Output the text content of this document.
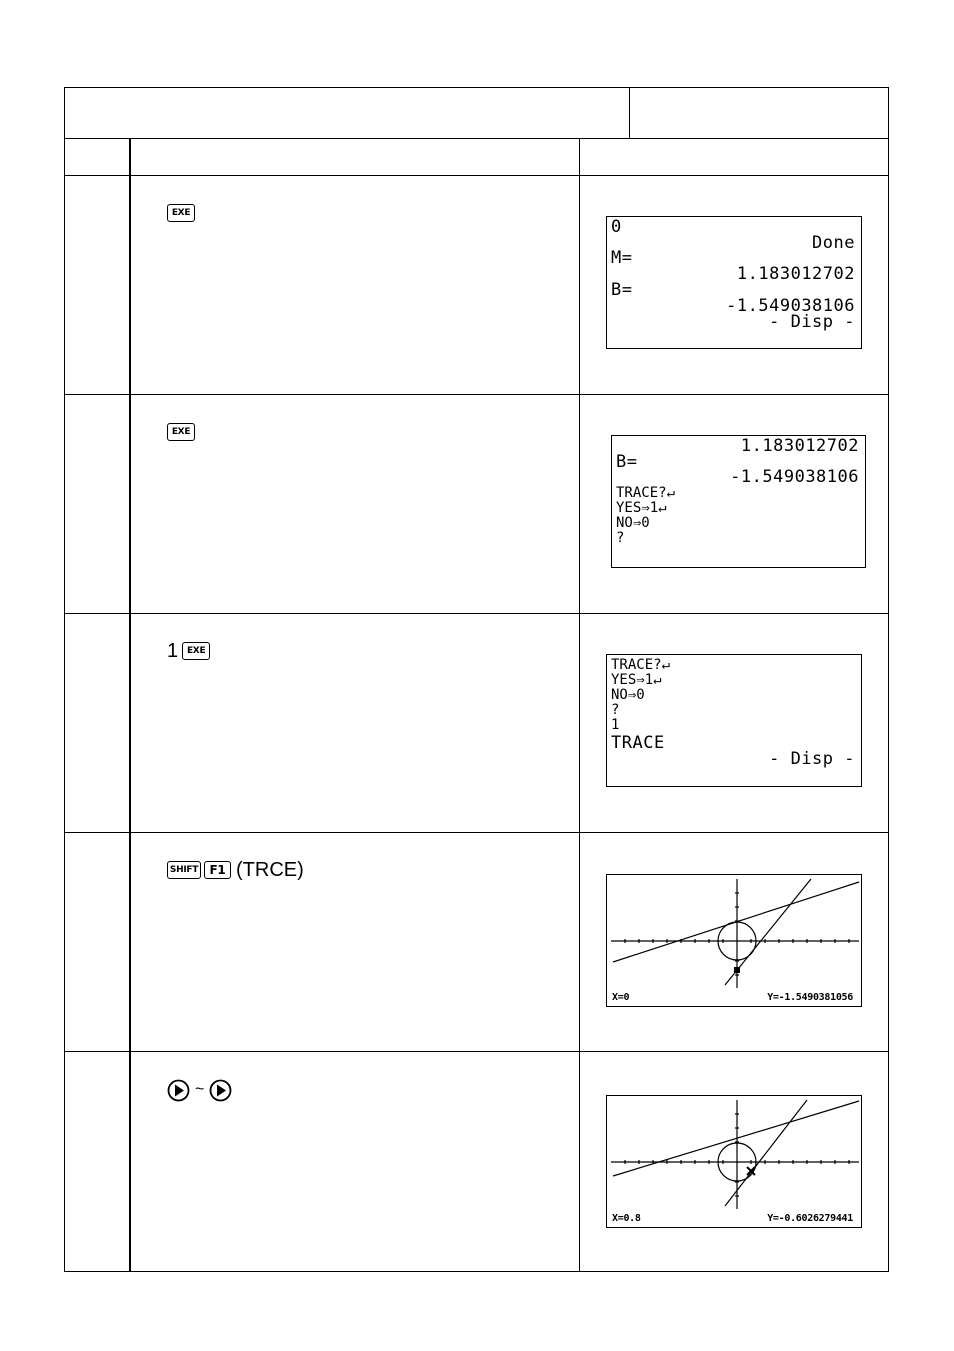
EXE
0
Done
M=
1.183012702
B=
-1.549038106
- Disp -
EXE
1.183012702
B=
-1.549038106
TRACE?↵
YES⇒1↵
NO⇒0
?
1 EXE
TRACE?↵
YES⇒1↵
NO⇒0
?
1
TRACE
- Disp -
SHIFT F1 (TRCE)
X=0	Y=-1.5490381056
~
X=0.8	Y=-0.6026279441
